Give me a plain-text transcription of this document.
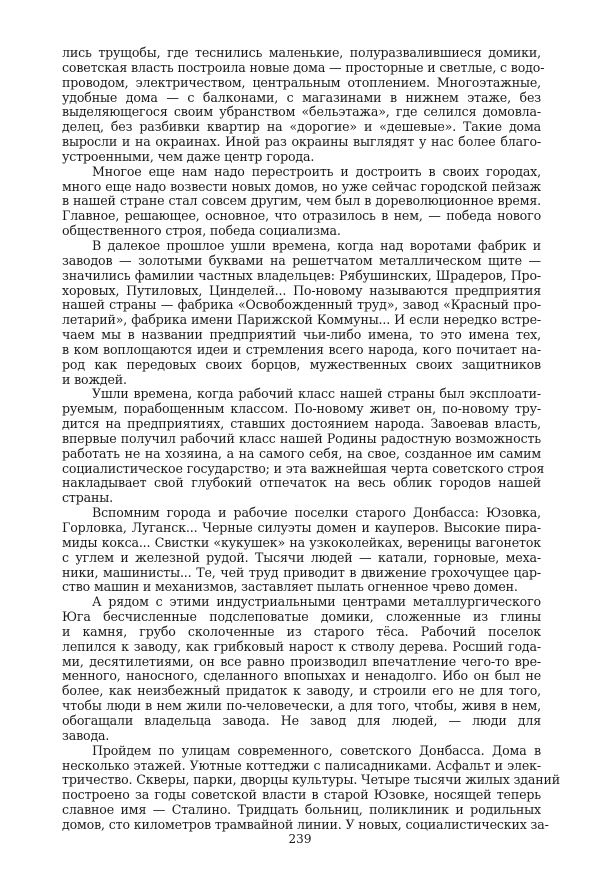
лись трущобы, где теснились маленькие, полуразвалившиеся домики,
советская власть построила новые дома — просторные и светлые, с водо-
проводом, электричеством, центральным отоплением. Многоэтажные,
удобные дома — с балконами, с магазинами в нижнем этаже, без
выделяющегося своим убранством «бельэтажа», где селился домовла-
делец, без разбивки квартир на «дорогие» и «дешевые». Такие дома
выросли и на окраинах. Иной раз окраины выглядят у нас более благо-
устроенными, чем даже центр города.
Многое еще нам надо перестроить и достроить в своих городах,
много еще надо возвести новых домов, но уже сейчас городской пейзаж
в нашей стране стал совсем другим, чем был в дореволюционное время.
Главное, решающее, основное, что отразилось в нем, — победа нового
общественного строя, победа социализма.
В далекое прошлое ушли времена, когда над воротами фабрик и
заводов — золотыми буквами на решетчатом металлическом щите —
значились фамилии частных владельцев: Рябушинских, Шрадеров, Про-
хоровых, Путиловых, Цинделей... По-новому называются предприятия
нашей страны — фабрика «Освобожденный труд», завод «Красный про-
летарий», фабрика имени Парижской Коммуны... И если нередко встре-
чаем мы в названии предприятий чьи-либо имена, то это имена тех,
в ком воплощаются идеи и стремления всего народа, кого почитает на-
род как передовых своих борцов, мужественных своих защитников
и вождей.
Ушли времена, когда рабочий класс нашей страны был эксплоати-
руемым, порабощенным классом. По-новому живет он, по-новому тру-
дится на предприятиях, ставших достоянием народа. Завоевав власть,
впервые получил рабочий класс нашей Родины радостную возможность
работать не на хозяина, а на самого себя, на свое, созданное им самим
социалистическое государство; и эта важнейшая черта советского строя
накладывает свой глубокий отпечаток на весь облик городов нашей
страны.
Вспомним города и рабочие поселки старого Донбасса: Юзовка,
Горловка, Луганск... Черные силуэты домен и кауперов. Высокие пира-
миды кокса... Свистки «кукушек» на узкоколейках, вереницы вагонеток
с углем и железной рудой. Тысячи людей — катали, горновые, меха-
ники, машинисты... Те, чей труд приводит в движение грохочущее цар-
ство машин и механизмов, заставляет пылать огненное чрево домен.
А рядом с этими индустриальными центрами металлургического
Юга бесчисленные подслеповатые домики, сложенные из глины
и камня, грубо сколоченные из старого тёса. Рабочий поселок
лепился к заводу, как грибковый нарост к стволу дерева. Росший года-
ми, десятилетиями, он все равно производил впечатление чего-то вре-
менного, наносного, сделанного впопыхах и ненадолго. Ибо он был не
более, как неизбежный придаток к заводу, и строили его не для того,
чтобы люди в нем жили по-человечески, а для того, чтобы, живя в нем,
обогащали владельца завода. Не завод для людей, — люди для
завода.
Пройдем по улицам современного, советского Донбасса. Дома в
несколько этажей. Уютные коттеджи с палисадниками. Асфальт и элек-
тричество. Скверы, парки, дворцы культуры. Четыре тысячи жилых зданий
построено за годы советской власти в старой Юзовке, носящей теперь
славное имя — Сталино. Тридцать больниц, поликлиник и родильных
домов, сто километров трамвайной линии. У новых, социалистических за-
239
